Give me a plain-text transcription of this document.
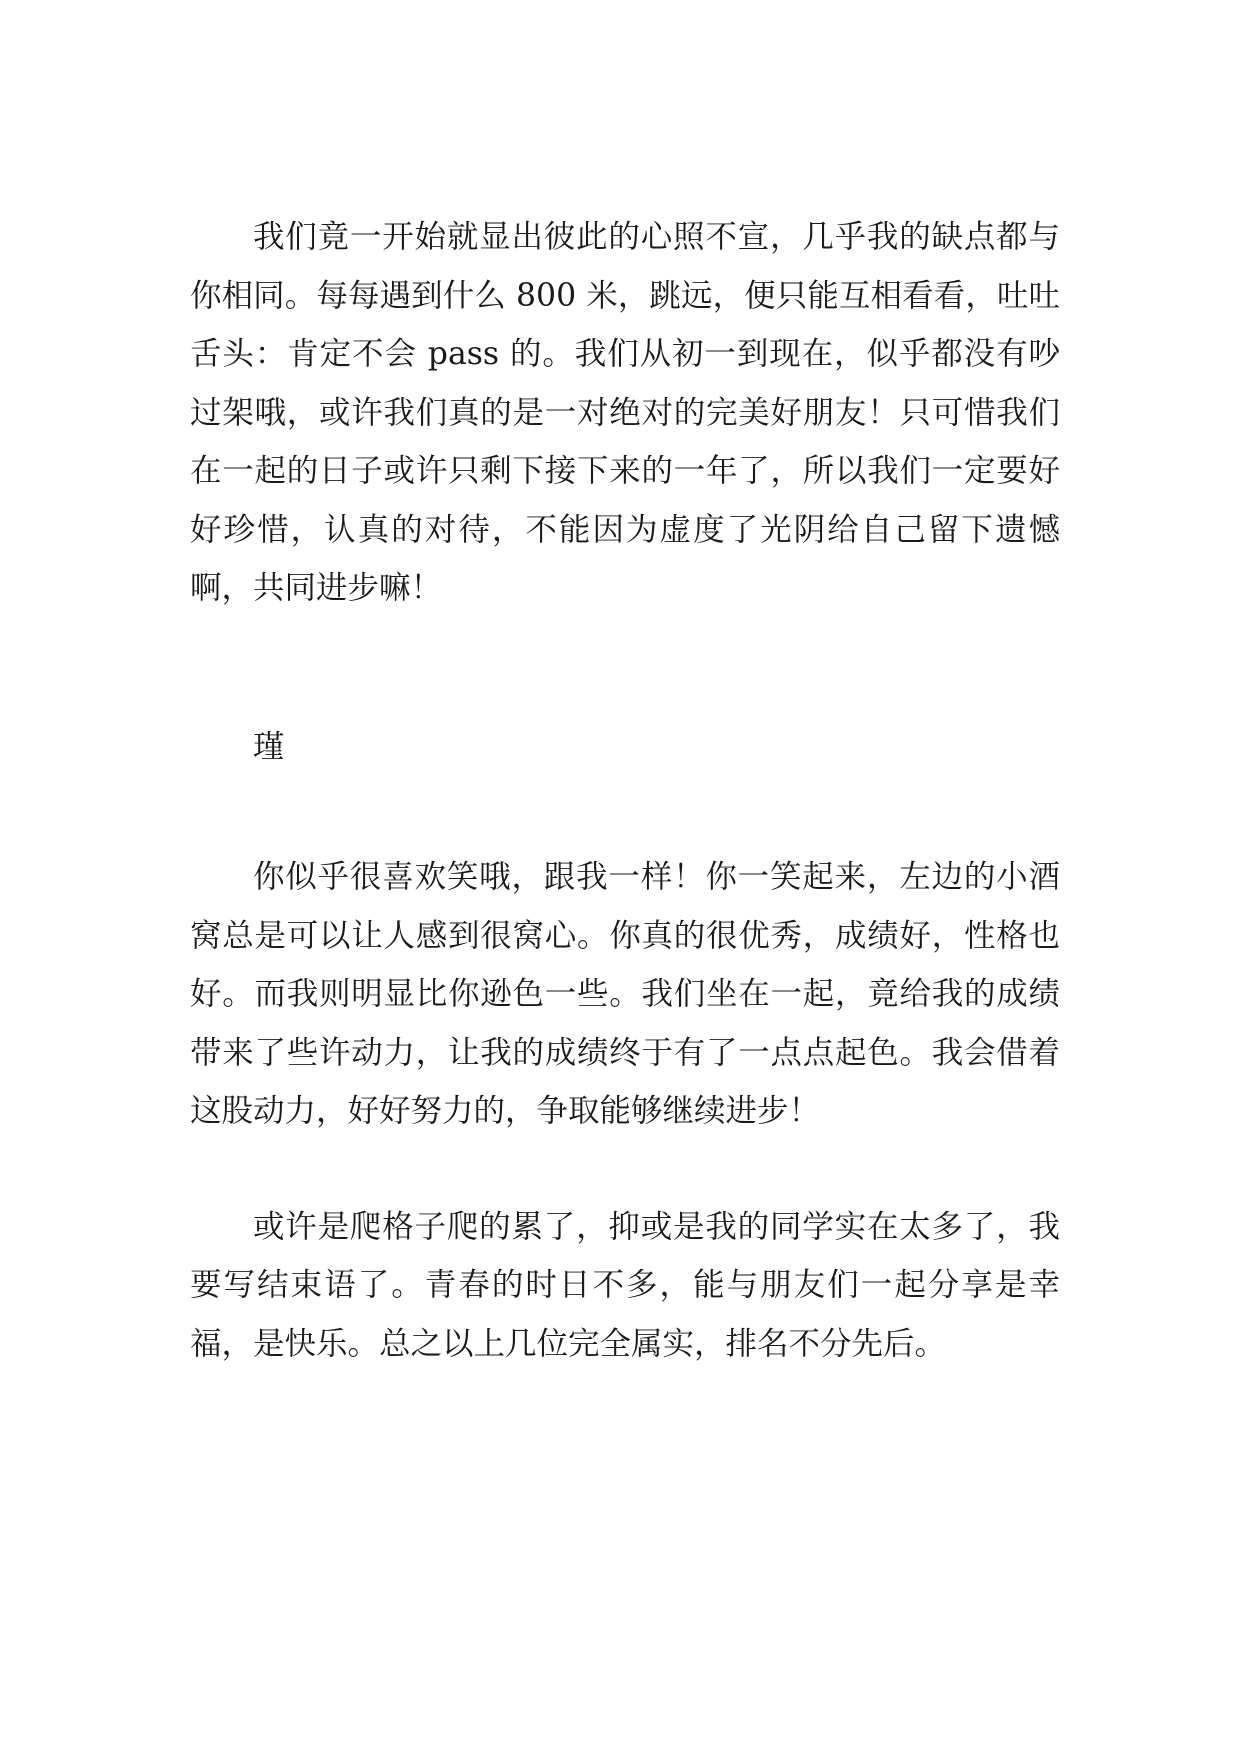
我们竟一开始就显出彼此的心照不宣，几乎我的缺点都与你相同。每每遇到什么 800 米，跳远，便只能互相看看，吐吐舌头：肯定不会 pass 的。我们从初一到现在，似乎都没有吵过架哦，或许我们真的是一对绝对的完美好朋友！只可惜我们在一起的日子或许只剩下接下来的一年了，所以我们一定要好好珍惜，认真的对待，不能因为虚度了光阴给自己留下遗憾啊，共同进步嘛！

瑾

你似乎很喜欢笑哦，跟我一样！你一笑起来，左边的小酒窝总是可以让人感到很窝心。你真的很优秀，成绩好，性格也好。而我则明显比你逊色一些。我们坐在一起，竟给我的成绩带来了些许动力，让我的成绩终于有了一点点起色。我会借着这股动力，好好努力的，争取能够继续进步！

或许是爬格子爬的累了，抑或是我的同学实在太多了，我要写结束语了。青春的时日不多，能与朋友们一起分享是幸福，是快乐。总之以上几位完全属实，排名不分先后。
